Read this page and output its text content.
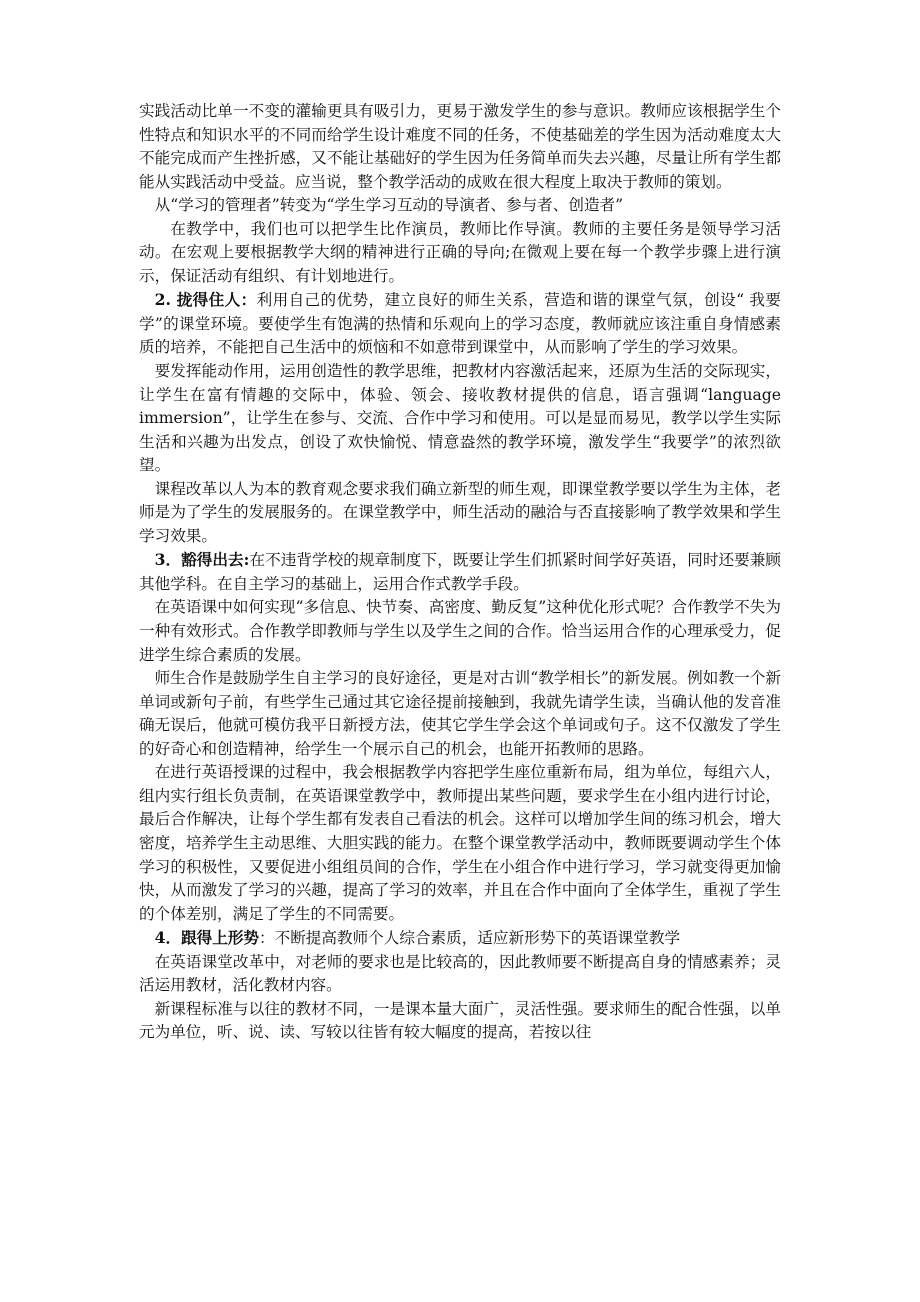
实践活动比单一不变的灌输更具有吸引力，更易于激发学生的参与意识。教师应该根据学生个性特点和知识水平的不同而给学生设计难度不同的任务，不使基础差的学生因为活动难度太大不能完成而产生挫折感，又不能让基础好的学生因为任务简单而失去兴趣，尽量让所有学生都能从实践活动中受益。应当说，整个教学活动的成败在很大程度上取决于教师的策划。

从“学习的管理者”转变为“学生学习互动的导演者、参与者、创造者”

在教学中，我们也可以把学生比作演员，教师比作导演。教师的主要任务是领导学习活动。在宏观上要根据教学大纲的精神进行正确的导向;在微观上要在每一个教学步骤上进行演示，保证活动有组织、有计划地进行。

2. 拢得住人：利用自己的优势，建立良好的师生关系，营造和谐的课堂气氛，创设“ 我要学”的课堂环境。要使学生有饱满的热情和乐观向上的学习态度，教师就应该注重自身情感素质的培养，不能把自己生活中的烦恼和不如意带到课堂中，从而影响了学生的学习效果。

要发挥能动作用，运用创造性的教学思维，把教材内容激活起来，还原为生活的交际现实，让学生在富有情趣的交际中，体验、领会、接收教材提供的信息，语言强调“language immersion”，让学生在参与、交流、合作中学习和使用。可以是显而易见，教学以学生实际生活和兴趣为出发点，创设了欢快愉悦、情意盎然的教学环境，激发学生“我要学”的浓烈欲望。

课程改革以人为本的教育观念要求我们确立新型的师生观，即课堂教学要以学生为主体，老师是为了学生的发展服务的。在课堂教学中，师生活动的融洽与否直接影响了教学效果和学生学习效果。

3．豁得出去:在不违背学校的规章制度下，既要让学生们抓紧时间学好英语，同时还要兼顾其他学科。在自主学习的基础上，运用合作式教学手段。

在英语课中如何实现“多信息、快节奏、高密度、勤反复”这种优化形式呢？合作教学不失为一种有效形式。合作教学即教师与学生以及学生之间的合作。恰当运用合作的心理承受力，促进学生综合素质的发展。

师生合作是鼓励学生自主学习的良好途径，更是对古训“教学相长”的新发展。例如教一个新单词或新句子前，有些学生己通过其它途径提前接触到，我就先请学生读，当确认他的发音准确无误后，他就可模仿我平日新授方法，使其它学生学会这个单词或句子。这不仅激发了学生的好奇心和创造精神，给学生一个展示自己的机会，也能开拓教师的思路。

在进行英语授课的过程中，我会根据教学内容把学生座位重新布局，组为单位，每组六人，组内实行组长负责制，在英语课堂教学中，教师提出某些问题，要求学生在小组内进行讨论，最后合作解决，让每个学生都有发表自己看法的机会。这样可以增加学生间的练习机会，增大密度，培养学生主动思维、大胆实践的能力。在整个课堂教学活动中，教师既要调动学生个体学习的积极性，又要促进小组组员间的合作，学生在小组合作中进行学习，学习就变得更加愉快，从而激发了学习的兴趣，提高了学习的效率，并且在合作中面向了全体学生，重视了学生的个体差别，满足了学生的不同需要。

4．跟得上形势：不断提高教师个人综合素质，适应新形势下的英语课堂教学

在英语课堂改革中，对老师的要求也是比较高的，因此教师要不断提高自身的情感素养；灵活运用教材，活化教材内容。

新课程标准与以往的教材不同，一是课本量大面广，灵活性强。要求师生的配合性强，以单元为单位，听、说、读、写较以往皆有较大幅度的提高，若按以往
